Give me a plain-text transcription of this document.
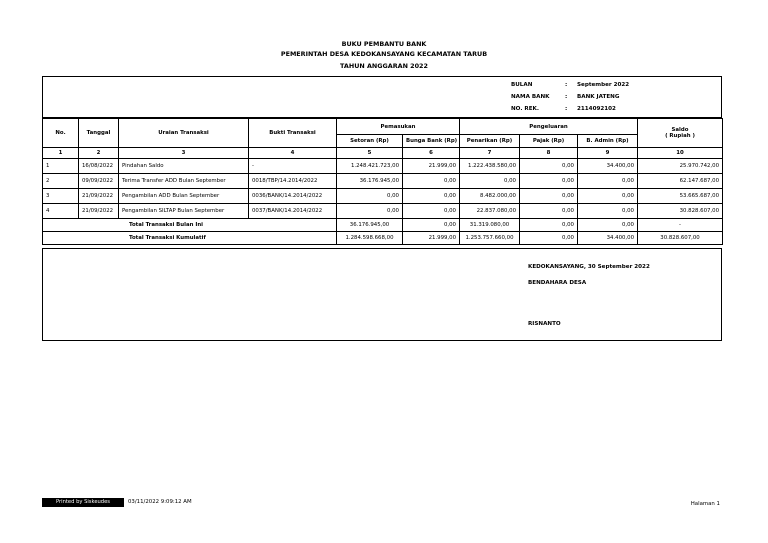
BUKU PEMBANTU BANK
PEMERINTAH DESA KEDOKANSAYANG KECAMATAN TARUB
TAHUN ANGGARAN 2022
BULAN	: September 2022
NAMA BANK	: BANK JATENG
NO. REK.	: 2114092102
No.	Tanggal	Uraian Transaksi	Bukti Transaksi	Pemasukan		Pengeluaran			Saldo
( Rupiah )

				Setoran (Rp)	Bunga Bank (Rp)	Penarikan (Rp)	Pajak (Rp)	B. Admin (Rp)	
1	2	3	4	5	6	7	8	9	10
1	16/08/2022	Pindahan Saldo	-	1.248.421.723,00	21.999,00	1.222.438.580,00	0,00	34.400,00	25.970.742,00
2	09/09/2022	Terima Transfer ADD Bulan September	0018/TBP/14.2014/2022	36.176.945,00	0,00	0,00	0,00	0,00	62.147.687,00
3	21/09/2022	Pengambilan ADD Bulan September	0036/BANK/14.2014/2022	0,00	0,00	8.482.000,00	0,00	0,00	53.665.687,00
4	21/09/2022	Pengambilan SILTAP Bulan September	0037/BANK/14.2014/2022	0,00	0,00	22.837.080,00	0,00	0,00	30.828.607,00
Total Transaksi Bulan Ini				36.176.945,00	0,00	31.319.080,00	0,00	0,00	-
Total Transaksi Kumulatif				1.284.598.668,00	21.999,00	1.253.757.660,00	0,00	34.400,00	30.828.607,00
KEDOKANSAYANG, 30 September 2022
BENDAHARA DESA
RISNANTO
Printed by Siskeudes	03/11/2022 9:09:12 AM	Halaman 1
